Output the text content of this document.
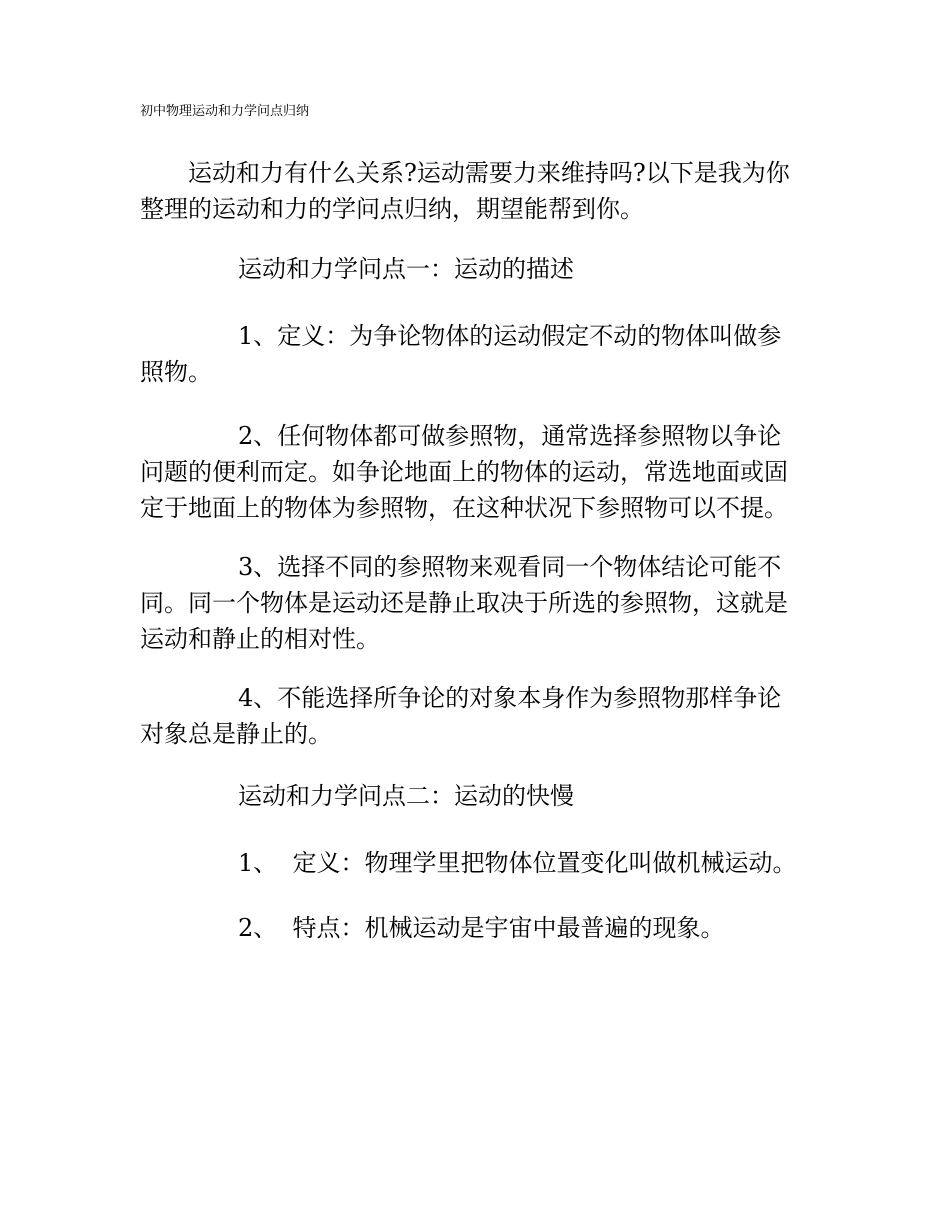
初中物理运动和力学问点归纳
运动和力有什么关系?运动需要力来维持吗?以下是我为你
整理的运动和力的学问点归纳，期望能帮到你。
运动和力学问点一：运动的描述
1、定义：为争论物体的运动假定不动的物体叫做参
照物。
2、任何物体都可做参照物，通常选择参照物以争论
问题的便利而定。如争论地面上的物体的运动，常选地面或固
定于地面上的物体为参照物，在这种状况下参照物可以不提。
3、选择不同的参照物来观看同一个物体结论可能不
同。同一个物体是运动还是静止取决于所选的参照物，这就是
运动和静止的相对性。
4、不能选择所争论的对象本身作为参照物那样争论
对象总是静止的。
运动和力学问点二：运动的快慢
1、  定义：物理学里把物体位置变化叫做机械运动。
2、  特点：机械运动是宇宙中最普遍的现象。
